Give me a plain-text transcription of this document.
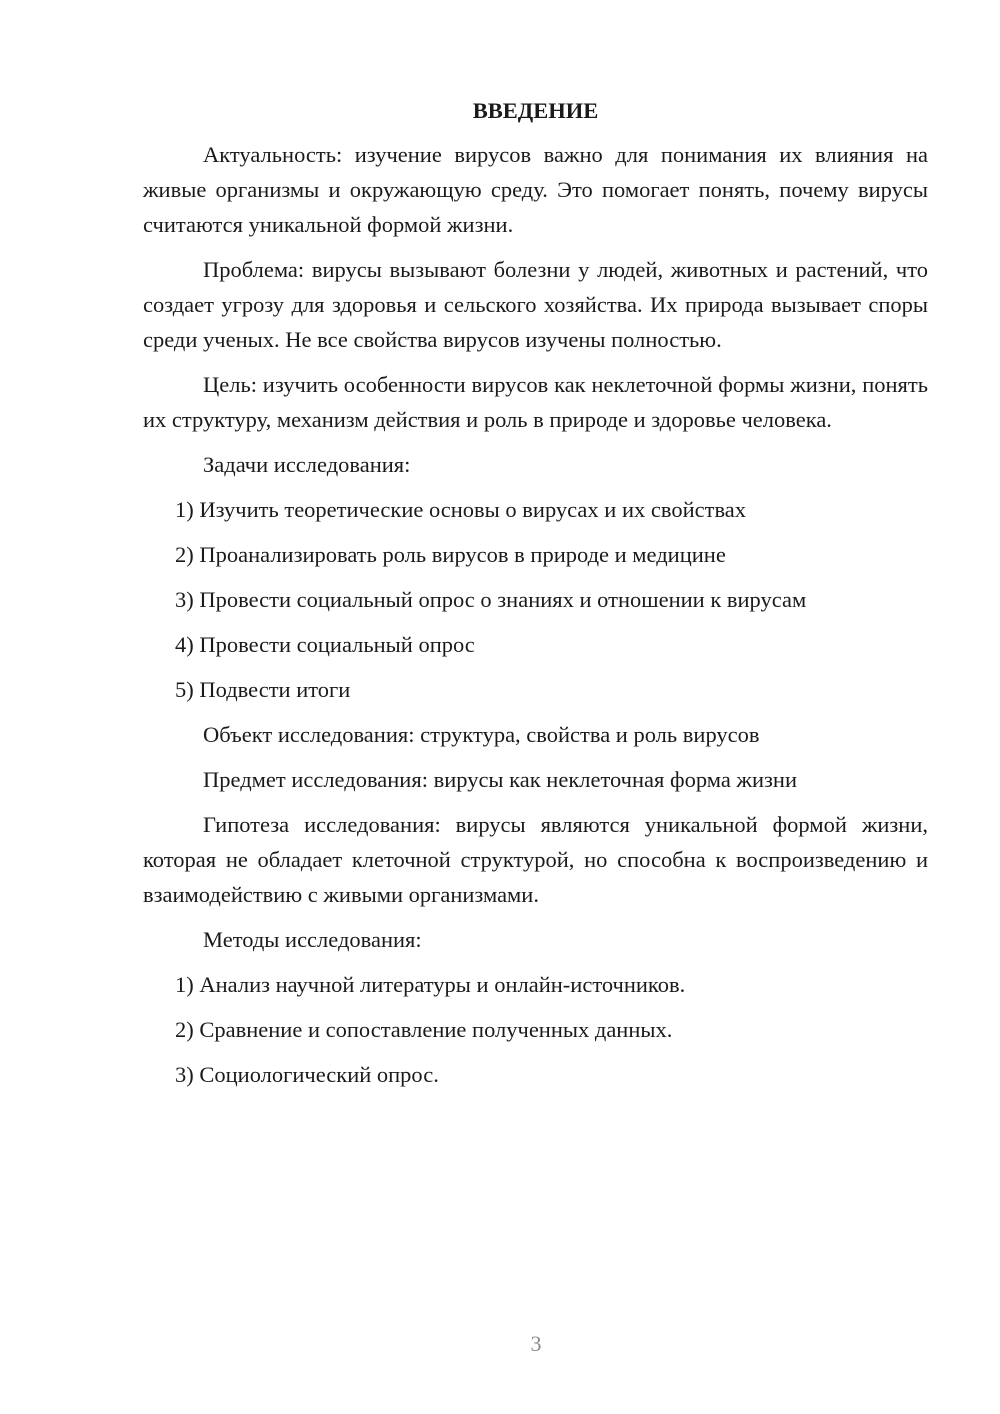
ВВЕДЕНИЕ

Актуальность: изучение вирусов важно для понимания их влияния на живые организмы и окружающую среду. Это помогает понять, почему вирусы считаются уникальной формой жизни.

Проблема: вирусы вызывают болезни у людей, животных и растений, что создает угрозу для здоровья и сельского хозяйства. Их природа вызывает споры среди ученых. Не все свойства вирусов изучены полностью.

Цель: изучить особенности вирусов как неклеточной формы жизни, понять их структуру, механизм действия и роль в природе и здоровье человека.

Задачи исследования:

1) Изучить теоретические основы о вирусах и их свойствах

2) Проанализировать роль вирусов в природе и медицине

3) Провести социальный опрос о знаниях и отношении к вирусам

4) Провести социальный опрос

5) Подвести итоги

Объект исследования: структура, свойства и роль вирусов

Предмет исследования: вирусы как неклеточная форма жизни

Гипотеза исследования: вирусы являются уникальной формой жизни, которая не обладает клеточной структурой, но способна к воспроизведению и взаимодействию с живыми организмами.

Методы исследования:

1) Анализ научной литературы и онлайн-источников.

2) Сравнение и сопоставление полученных данных.

3) Социологический опрос.

3
